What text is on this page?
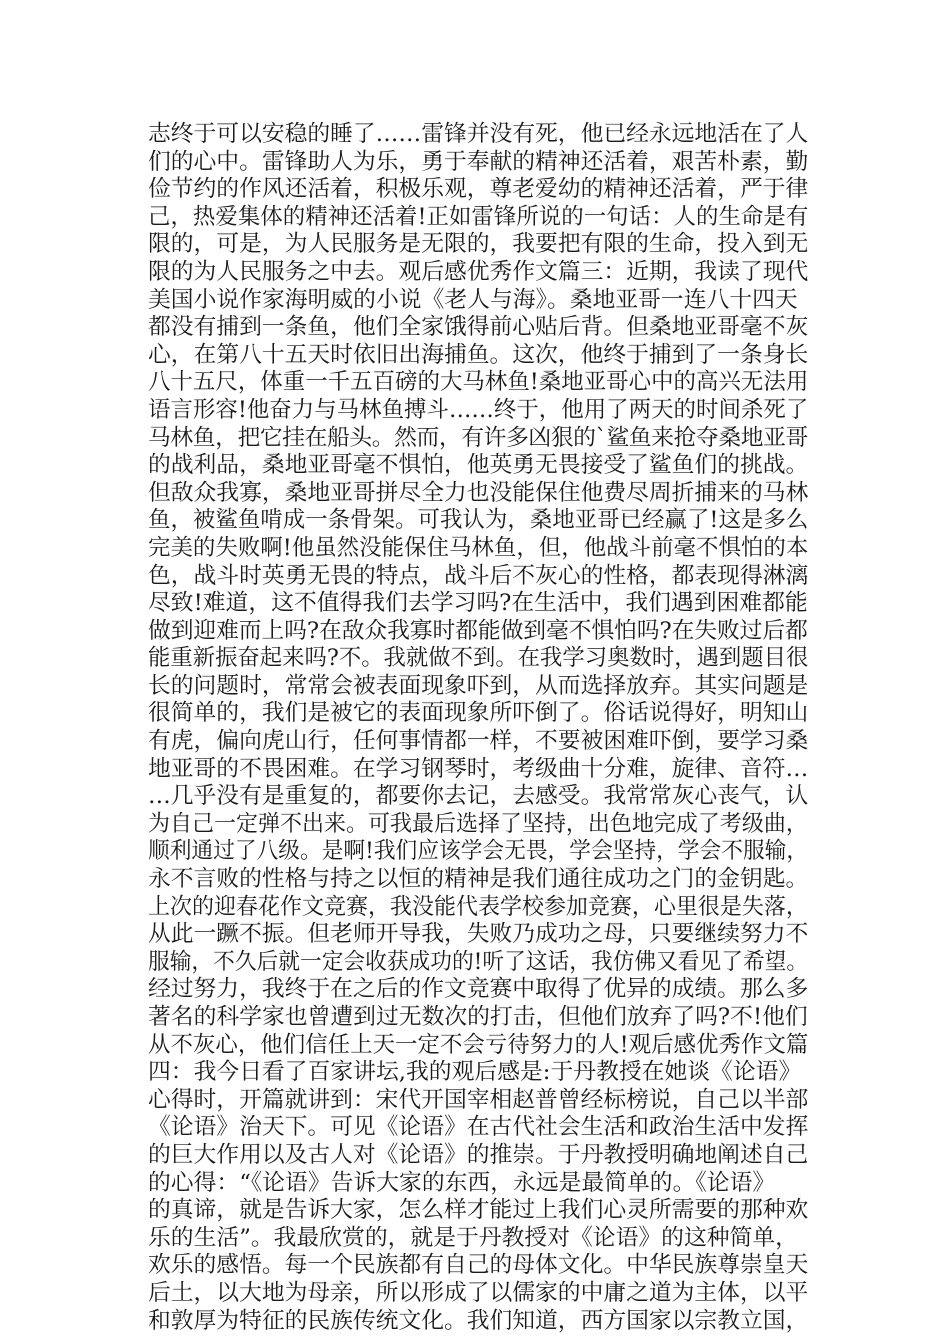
志终于可以安稳的睡了……雷锋并没有死，他已经永远地活在了人
们的心中。雷锋助人为乐，勇于奉献的精神还活着，艰苦朴素，勤
俭节约的作风还活着，积极乐观，尊老爱幼的精神还活着，严于律
己，热爱集体的精神还活着!正如雷锋所说的一句话：人的生命是有
限的，可是，为人民服务是无限的，我要把有限的生命，投入到无
限的为人民服务之中去。观后感优秀作文篇三：近期，我读了现代
美国小说作家海明威的小说《老人与海》。桑地亚哥一连八十四天
都没有捕到一条鱼，他们全家饿得前心贴后背。但桑地亚哥毫不灰
心，在第八十五天时依旧出海捕鱼。这次，他终于捕到了一条身长
八十五尺，体重一千五百磅的大马林鱼!桑地亚哥心中的高兴无法用
语言形容!他奋力与马林鱼搏斗……终于，他用了两天的时间杀死了
马林鱼，把它挂在船头。然而，有许多凶狠的`鲨鱼来抢夺桑地亚哥
的战利品，桑地亚哥毫不惧怕，他英勇无畏接受了鲨鱼们的挑战。
但敌众我寡，桑地亚哥拼尽全力也没能保住他费尽周折捕来的马林
鱼，被鲨鱼啃成一条骨架。可我认为，桑地亚哥已经赢了!这是多么
完美的失败啊!他虽然没能保住马林鱼，但，他战斗前毫不惧怕的本
色，战斗时英勇无畏的特点，战斗后不灰心的性格，都表现得淋漓
尽致!难道，这不值得我们去学习吗?在生活中，我们遇到困难都能
做到迎难而上吗?在敌众我寡时都能做到毫不惧怕吗?在失败过后都
能重新振奋起来吗?不。我就做不到。在我学习奥数时，遇到题目很
长的问题时，常常会被表面现象吓到，从而选择放弃。其实问题是
很简单的，我们是被它的表面现象所吓倒了。俗话说得好，明知山
有虎，偏向虎山行，任何事情都一样，不要被困难吓倒，要学习桑
地亚哥的不畏困难。在学习钢琴时，考级曲十分难，旋律、音符…
…几乎没有是重复的，都要你去记，去感受。我常常灰心丧气，认
为自己一定弹不出来。可我最后选择了坚持，出色地完成了考级曲，
顺利通过了八级。是啊!我们应该学会无畏，学会坚持，学会不服输，
永不言败的性格与持之以恒的精神是我们通往成功之门的金钥匙。
上次的迎春花作文竞赛，我没能代表学校参加竞赛，心里很是失落，
从此一蹶不振。但老师开导我，失败乃成功之母，只要继续努力不
服输，不久后就一定会收获成功的!听了这话，我仿佛又看见了希望。
经过努力，我终于在之后的作文竞赛中取得了优异的成绩。那么多
著名的科学家也曾遭到过无数次的打击，但他们放弃了吗?不!他们
从不灰心，他们信任上天一定不会亏待努力的人!观后感优秀作文篇
四：我今日看了百家讲坛,我的观后感是:于丹教授在她谈《论语》
心得时，开篇就讲到：宋代开国宰相赵普曾经标榜说，自己以半部
《论语》治天下。可见《论语》在古代社会生活和政治生活中发挥
的巨大作用以及古人对《论语》的推崇。于丹教授明确地阐述自己
的心得：“《论语》告诉大家的东西，永远是最简单的。《论语》
的真谛，就是告诉大家，怎么样才能过上我们心灵所需要的那种欢
乐的生活”。我最欣赏的，就是于丹教授对《论语》的这种简单，
欢乐的感悟。每一个民族都有自己的母体文化。中华民族尊崇皇天
后土，以大地为母亲，所以形成了以儒家的中庸之道为主体，以平
和敦厚为特征的民族传统文化。我们知道，西方国家以宗教立国，
